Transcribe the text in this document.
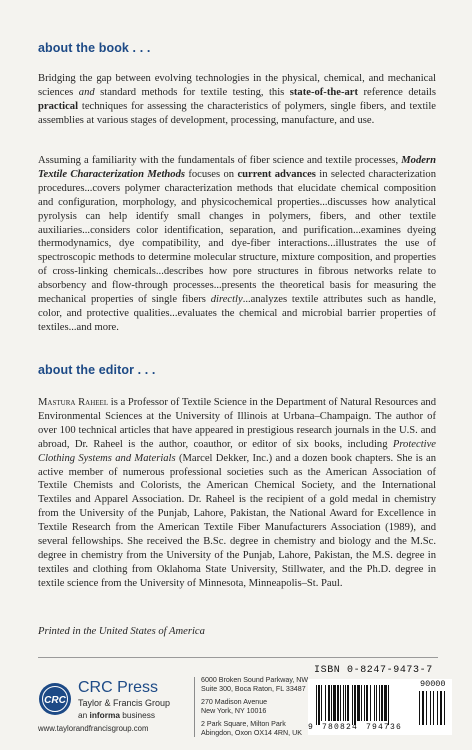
about the book . . .

Bridging the gap between evolving technologies in the physical, chemical, and mechanical sciences and standard methods for textile testing, this state-of-the-art reference details practical techniques for assessing the characteristics of polymers, single fibers, and textile assemblies at various stages of development, processing, manufacture, and use.

Assuming a familiarity with the fundamentals of fiber science and textile processes, Modern Textile Characterization Methods focuses on current advances in selected characterization procedures...covers polymer characterization methods that elucidate chemical composition and configuration, morphology, and physicochemical properties...discusses how analytical pyrolysis can help identify small changes in polymers, fibers, and other textile auxiliaries...considers color identification, separation, and purification...examines dyeing thermodynamics, dye compatibility, and dye-fiber interactions...illustrates the use of spectroscopic methods to determine molecular structure, mixture composition, and properties of cross-linking chemicals...describes how pore structures in fibrous networks relate to absorbency and flow-through processes...presents the theoretical basis for measuring the mechanical properties of single fibers directly...analyzes textile attributes such as handle, color, and protective qualities...evaluates the chemical and microbial barrier properties of textiles...and more.

about the editor . . .

Mastura Raheel is a Professor of Textile Science in the Department of Natural Resources and Environmental Sciences at the University of Illinois at Urbana–Champaign. The author of over 100 technical articles that have appeared in prestigious research journals in the U.S. and abroad, Dr. Raheel is the author, coauthor, or editor of six books, including Protective Clothing Systems and Materials (Marcel Dekker, Inc.) and a dozen book chapters. She is an active member of numerous professional societies such as the American Association of Textile Chemists and Colorists, the American Chemical Society, and the International Textiles and Apparel Association. Dr. Raheel is the recipient of a gold medal in chemistry from the University of the Punjab, Lahore, Pakistan, the National Award for Excellence in Textile Research from the American Textile Fiber Manufacturers Association (1989), and several fellowships. She received the B.Sc. degree in chemistry and biology and the M.Sc. degree in chemistry from the University of the Punjab, Lahore, Pakistan, the M.S. degree in textiles and clothing from Oklahoma State University, Stillwater, and the Ph.D. degree in textile science from the University of Minnesota, Minneapolis–St. Paul.

Printed in the United States of America

CRC
CRC Press
Taylor & Francis Group
an informa business
www.taylorandfrancisgroup.com
6000 Broken Sound Parkway, NW
Suite 300, Boca Raton, FL 33487
270 Madison Avenue
New York, NY 10016
2 Park Square, Milton Park
Abingdon, Oxon OX14 4RN, UK
ISBN 0-8247-9473-7
90000
9 780824 794736
